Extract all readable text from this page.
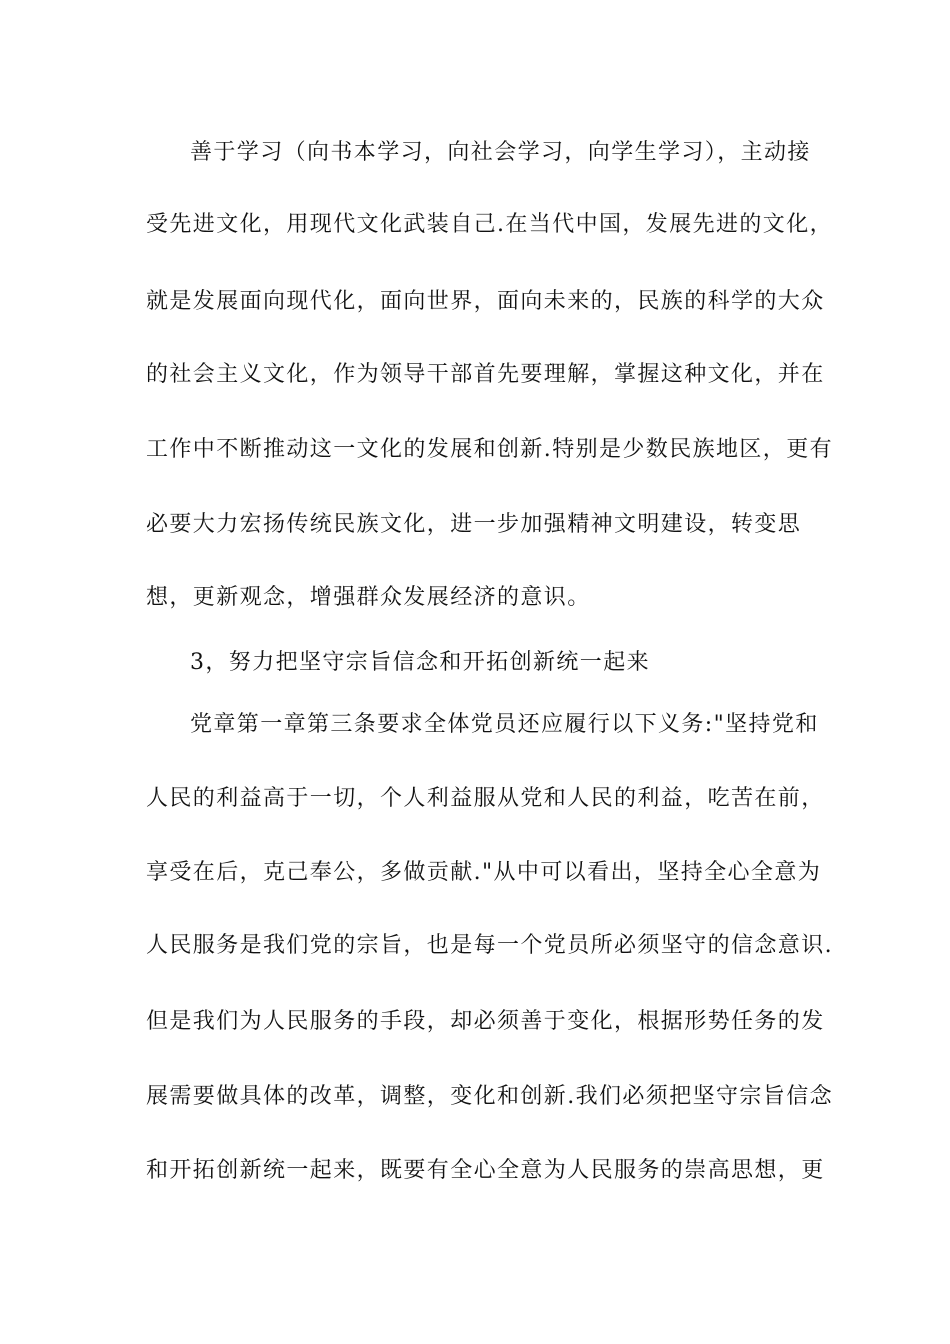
善于学习（向书本学习，向社会学习，向学生学习），主动接
受先进文化，用现代文化武装自己.在当代中国，发展先进的文化，
就是发展面向现代化，面向世界，面向未来的，民族的科学的大众
的社会主义文化，作为领导干部首先要理解，掌握这种文化，并在
工作中不断推动这一文化的发展和创新.特别是少数民族地区，更有
必要大力宏扬传统民族文化，进一步加强精神文明建设，转变思
想，更新观念，增强群众发展经济的意识。
3，努力把坚守宗旨信念和开拓创新统一起来
党章第一章第三条要求全体党员还应履行以下义务:"坚持党和
人民的利益高于一切，个人利益服从党和人民的利益，吃苦在前，
享受在后，克己奉公，多做贡献."从中可以看出，坚持全心全意为
人民服务是我们党的宗旨，也是每一个党员所必须坚守的信念意识.
但是我们为人民服务的手段，却必须善于变化，根据形势任务的发
展需要做具体的改革，调整，变化和创新.我们必须把坚守宗旨信念
和开拓创新统一起来，既要有全心全意为人民服务的崇高思想，更
